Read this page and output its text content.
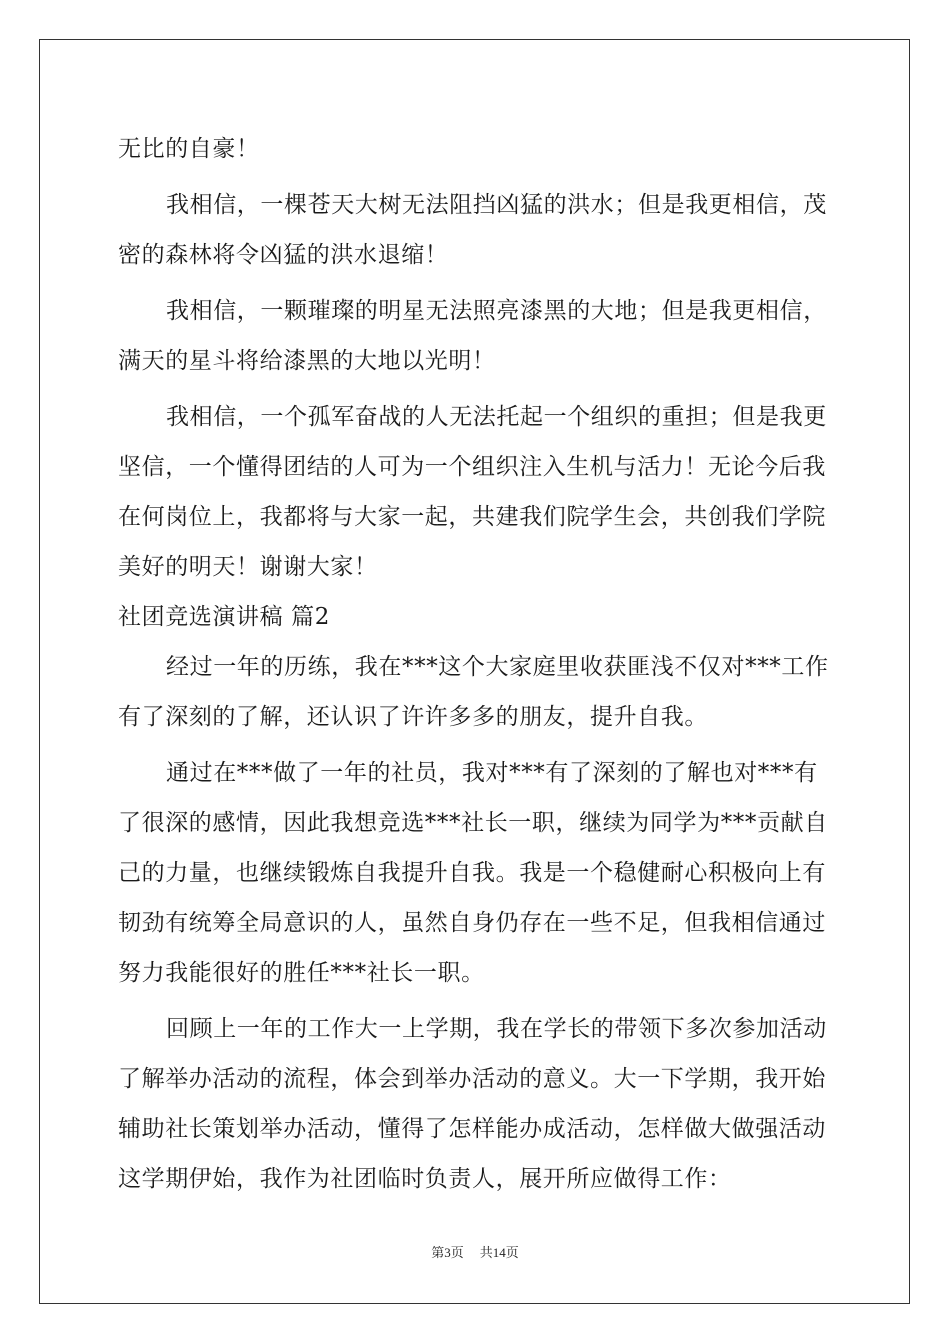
无比的自豪！
我相信，一棵苍天大树无法阻挡凶猛的洪水；但是我更相信，茂
密的森林将令凶猛的洪水退缩！
我相信，一颗璀璨的明星无法照亮漆黑的大地；但是我更相信，
满天的星斗将给漆黑的大地以光明！
我相信，一个孤军奋战的人无法托起一个组织的重担；但是我更
坚信，一个懂得团结的人可为一个组织注入生机与活力！无论今后我
在何岗位上，我都将与大家一起，共建我们院学生会，共创我们学院
美好的明天！谢谢大家！
社团竞选演讲稿 篇2
经过一年的历练，我在***这个大家庭里收获匪浅不仅对***工作
有了深刻的了解，还认识了许许多多的朋友，提升自我。
通过在***做了一年的社员，我对***有了深刻的了解也对***有
了很深的感情，因此我想竞选***社长一职，继续为同学为***贡献自
己的力量，也继续锻炼自我提升自我。我是一个稳健耐心积极向上有
韧劲有统筹全局意识的人，虽然自身仍存在一些不足，但我相信通过
努力我能很好的胜任***社长一职。
回顾上一年的工作大一上学期，我在学长的带领下多次参加活动
了解举办活动的流程，体会到举办活动的意义。大一下学期，我开始
辅助社长策划举办活动，懂得了怎样能办成活动，怎样做大做强活动
这学期伊始，我作为社团临时负责人，展开所应做得工作：
第3页 共14页
